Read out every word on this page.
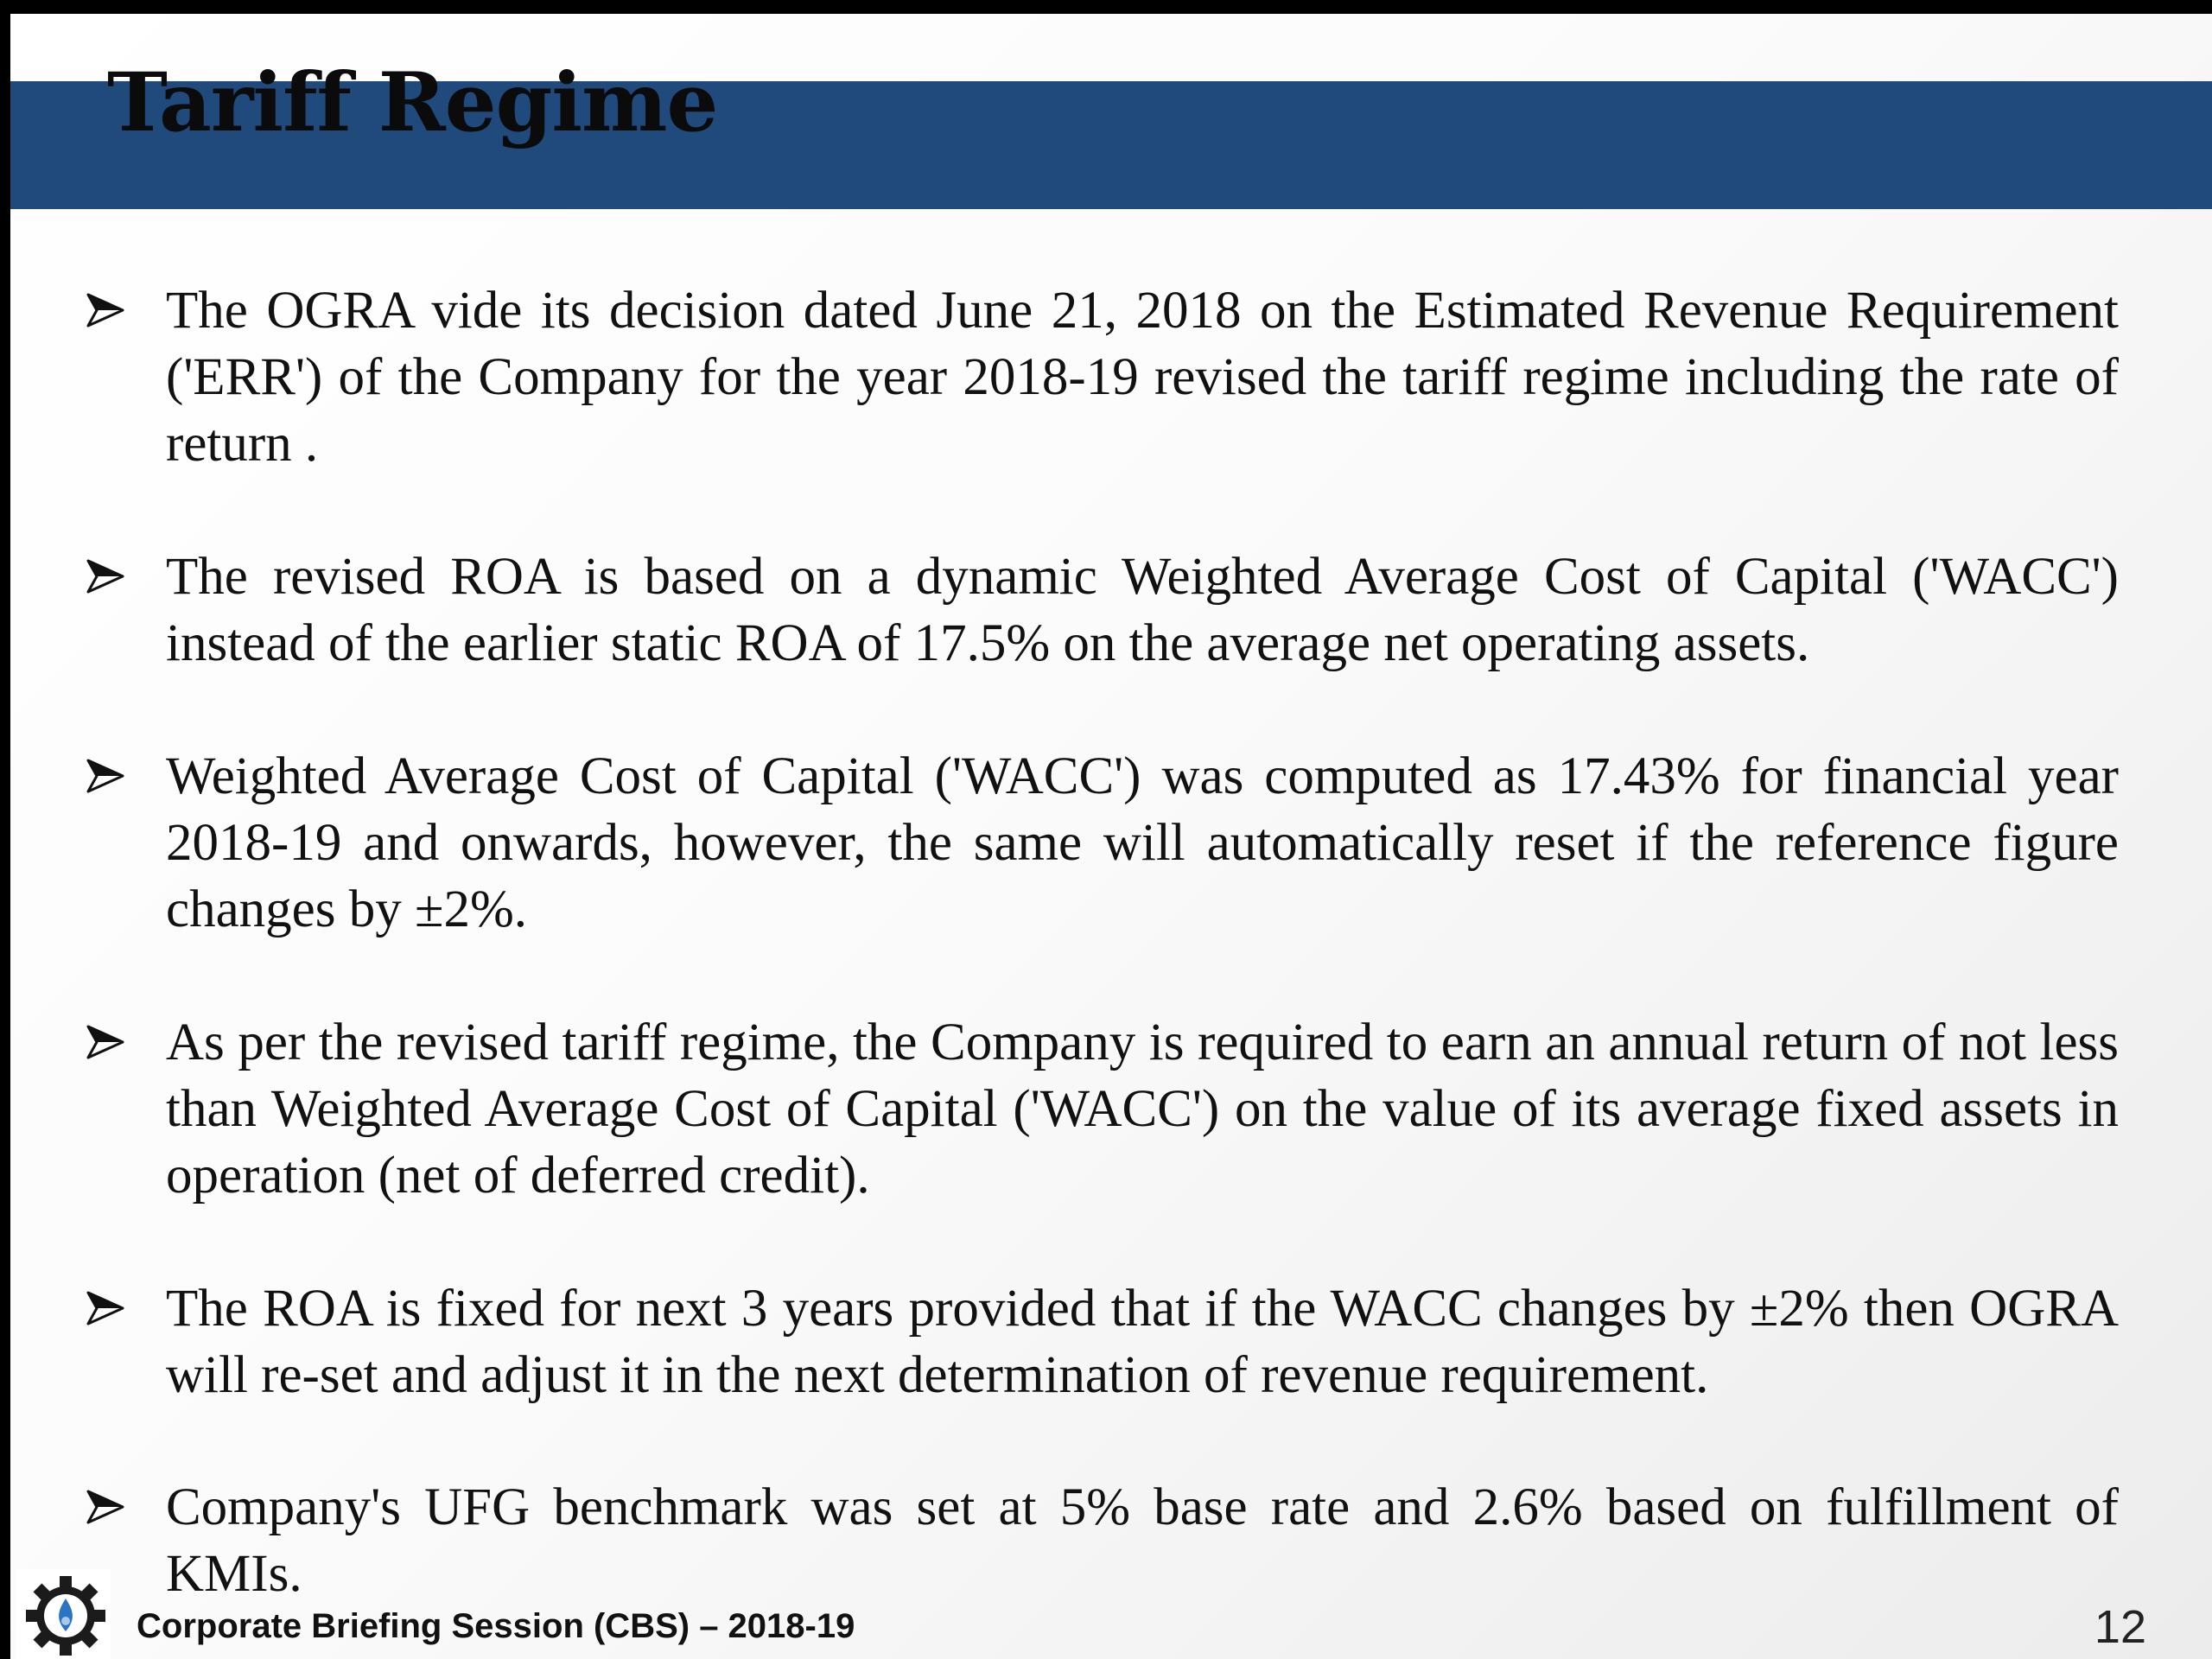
Tariff Regime

The OGRA vide its decision dated June 21, 2018 on the Estimated Revenue Requirement ('ERR') of the Company for the year 2018-19 revised the tariff regime including the rate of return .

The revised ROA is based on a dynamic Weighted Average Cost of Capital ('WACC') instead of the earlier static ROA of 17.5% on the average net operating assets.

Weighted Average Cost of Capital ('WACC') was computed as 17.43% for financial year 2018-19 and onwards, however, the same will automatically reset if the reference figure changes by ±2%.

As per the revised tariff regime, the Company is required to earn an annual return of not less than Weighted Average Cost of Capital ('WACC') on the value of its average fixed assets in operation (net of deferred credit).

The ROA is fixed for next 3 years provided that if the WACC changes by ±2% then OGRA will re-set and adjust it in the next determination of revenue requirement.

Company's UFG benchmark was set at 5% base rate and 2.6% based on fulfillment of KMIs.

Corporate Briefing Session (CBS) – 2018-19	12
